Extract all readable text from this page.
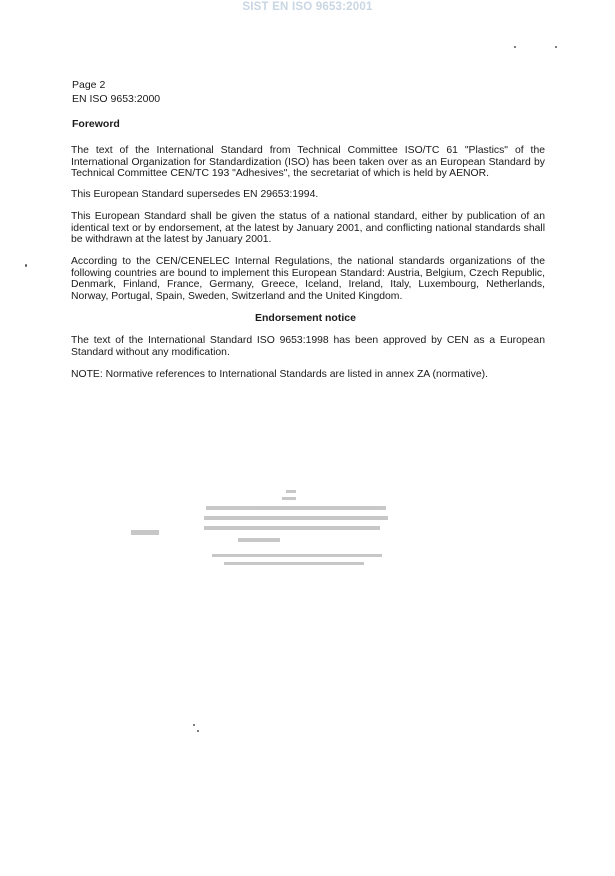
SIST EN ISO 9653:2001
Page 2
EN ISO 9653:2000
Foreword
The text of the International Standard from Technical Committee ISO/TC 61 "Plastics" of the International Organization for Standardization (ISO) has been taken over as an European Standard by Technical Committee CEN/TC 193 "Adhesives", the secretariat of which is held by AENOR.
This European Standard supersedes EN 29653:1994.
This European Standard shall be given the status of a national standard, either by publication of an identical text or by endorsement, at the latest by January 2001, and conflicting national standards shall be withdrawn at the latest by January 2001.
According to the CEN/CENELEC Internal Regulations, the national standards organizations of the following countries are bound to implement this European Standard: Austria, Belgium, Czech Republic, Denmark, Finland, France, Germany, Greece, Iceland, Ireland, Italy, Luxembourg, Netherlands, Norway, Portugal, Spain, Sweden, Switzerland and the United Kingdom.
Endorsement notice
The text of the International Standard ISO 9653:1998 has been approved by CEN as a European Standard without any modification.
NOTE: Normative references to International Standards are listed in annex ZA (normative).
